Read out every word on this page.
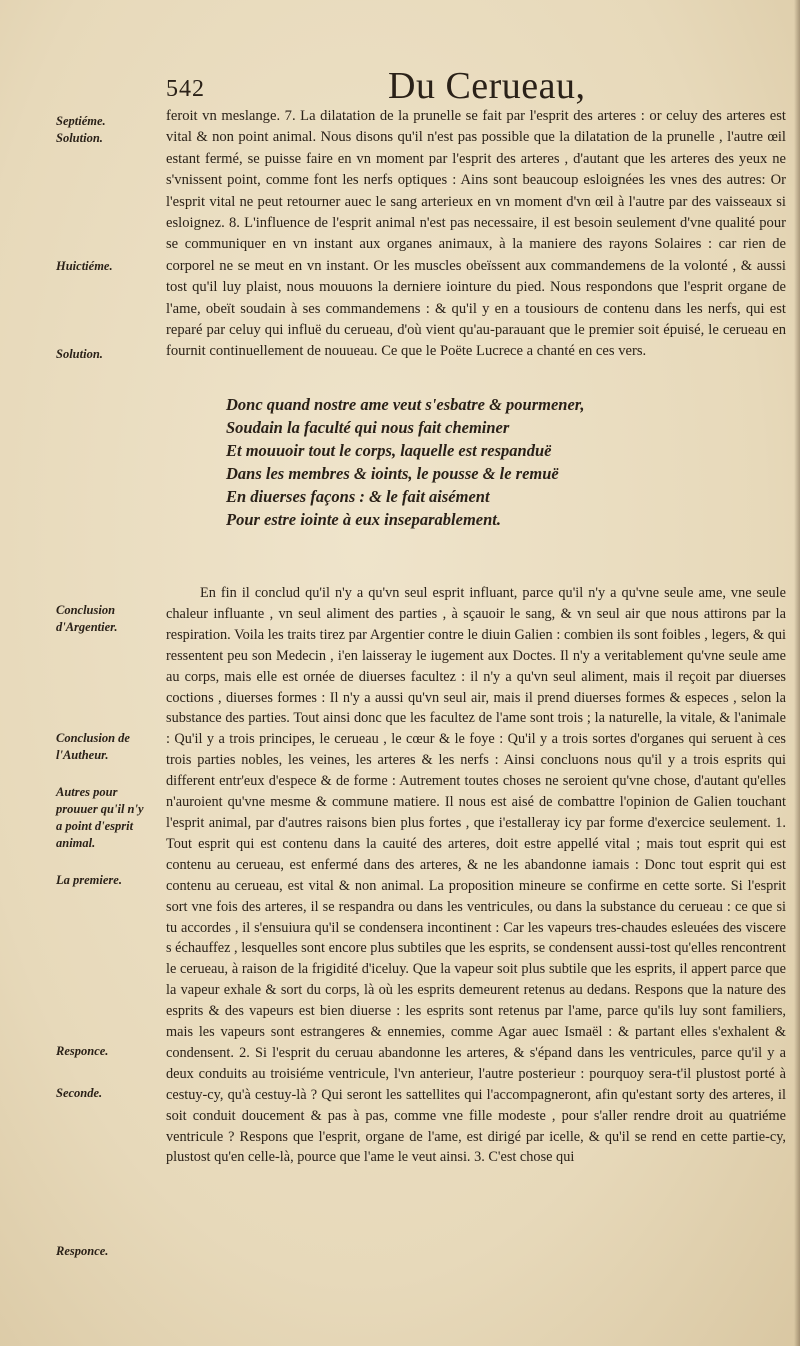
542	Du Cerueau,
Septiéme.
Solution.
Huictiéme.
Solution.
Conclusion d'Argentier.
Conclusion de l'Autheur.
Autres pour prouuer qu'il n'y a point d'esprit animal.
La premiere.
Responce.
Seconde.
Responce.

feroit vn meslange. 7. La dilatation de la prunelle se fait par l'esprit des arteres : or celuy des arteres est vital & non point animal. Nous disons qu'il n'est pas possible que la dilatation de la prunelle , l'autre œil estant fermé, se puisse faire en vn moment par l'esprit des arteres , d'autant que les arteres des yeux ne s'vnissent point, comme font les nerfs optiques : Ains sont beaucoup esloignées les vnes des autres: Or l'esprit vital ne peut retourner auec le sang arterieux en vn moment d'vn œil à l'autre par des vaisseaux si esloignez. 8. L'influence de l'esprit animal n'est pas necessaire, il est besoin seulement d'vne qualité pour se communiquer en vn instant aux organes animaux, à la maniere des rayons Solaires : car rien de corporel ne se meut en vn instant. Or les muscles obeïssent aux commandemens de la volonté , & aussi tost qu'il luy plaist, nous mouuons la derniere iointure du pied. Nous respondons que l'esprit organe de l'ame, obeït soudain à ses commandemens : & qu'il y en a tousiours de contenu dans les nerfs, qui est reparé par celuy qui influë du cerueau, d'où vient qu'au-parauant que le premier soit épuisé, le cerueau en fournit continuellement de nouueau. Ce que le Poëte Lucrece a chanté en ces vers.

Donc quand nostre ame veut s'esbatre & pourmener,
Soudain la faculté qui nous fait cheminer
Et mouuoir tout le corps, laquelle est respanduë
Dans les membres & ioints, le pousse & le remuë
En diuerses façons : & le fait aisément
Pour estre iointe à eux inseparablement.

En fin il conclud qu'il n'y a qu'vn seul esprit influant, parce qu'il n'y a qu'vne seule ame, vne seule chaleur influante , vn seul aliment des parties , à sçauoir le sang, & vn seul air que nous attirons par la respiration. Voila les traits tirez par Argentier contre le diuin Galien : combien ils sont foibles , legers, & qui ressentent peu son Medecin , i'en laisseray le iugement aux Doctes. Il n'y a veritablement qu'vne seule ame au corps, mais elle est ornée de diuerses facultez : il n'y a qu'vn seul aliment, mais il reçoit par diuerses coctions , diuerses formes : Il n'y a aussi qu'vn seul air, mais il prend diuerses formes & especes , selon la substance des parties. Tout ainsi donc que les facultez de l'ame sont trois ; la naturelle, la vitale, & l'animale : Qu'il y a trois principes, le cerueau , le cœur & le foye : Qu'il y a trois sortes d'organes qui seruent à ces trois parties nobles, les veines, les arteres & les nerfs : Ainsi concluons nous qu'il y a trois esprits qui different entr'eux d'espece & de forme : Autrement toutes choses ne seroient qu'vne chose, d'autant qu'elles n'auroient qu'vne mesme & commune matiere. Il nous est aisé de combattre l'opinion de Galien touchant l'esprit animal, par d'autres raisons bien plus fortes , que i'estalleray icy par forme d'exercice seulement. 1. Tout esprit qui est contenu dans la cauité des arteres, doit estre appellé vital ; mais tout esprit qui est contenu au cerueau, est enfermé dans des arteres, & ne les abandonne iamais : Donc tout esprit qui est contenu au cerueau, est vital & non animal. La proposition mineure se confirme en cette sorte. Si l'esprit sort vne fois des arteres, il se respandra ou dans les ventricules, ou dans la substance du cerueau : ce que si tu accordes , il s'ensuiura qu'il se condensera incontinent : Car les vapeurs tres-chaudes esleuées des viscere s échauffez , lesquelles sont encore plus subtiles que les esprits, se condensent aussi-tost qu'elles rencontrent le cerueau, à raison de la frigidité d'iceluy. Que la vapeur soit plus subtile que les esprits, il appert parce que la vapeur exhale & sort du corps, là où les esprits demeurent retenus au dedans. Respons que la nature des esprits & des vapeurs est bien diuerse : les esprits sont retenus par l'ame, parce qu'ils luy sont familiers, mais les vapeurs sont estrangeres & ennemies, comme Agar auec Ismaël : & partant elles s'exhalent & condensent. 2. Si l'esprit du ceruau abandonne les arteres, & s'épand dans les ventricules, parce qu'il y a deux conduits au troisiéme ventricule, l'vn anterieur, l'autre posterieur : pourquoy sera-t'il plustost porté à cestuy-cy, qu'à cestuy-là ? Qui seront les sattellites qui l'accompagneront, afin qu'estant sorty des arteres, il soit conduit doucement & pas à pas, comme vne fille modeste , pour s'aller rendre droit au quatriéme ventricule ? Respons que l'esprit, organe de l'ame, est dirigé par icelle, & qu'il se rend en cette partie-cy, plustost qu'en celle-là, pource que l'ame le veut ainsi. 3. C'est chose qui
